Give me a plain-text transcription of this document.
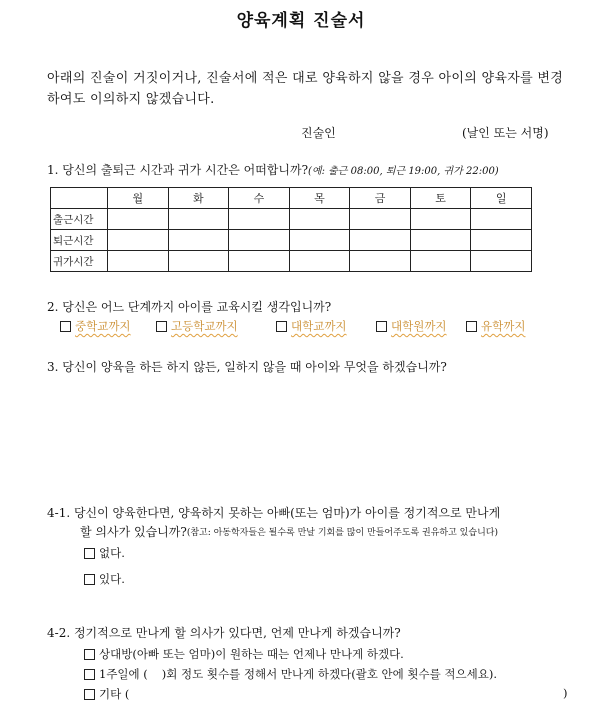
양육계획 진술서
아래의 진술이 거짓이거나, 진술서에 적은 대로 양육하지 않을 경우 아이의 양육자를 변경하여도 이의하지 않겠습니다.
진술인	(날인 또는 서명)
1. 당신의 출퇴근 시간과 귀가 시간은 어떠합니까? (예: 출근 08:00, 퇴근 19:00, 귀가 22:00)
	월	화	수	목	금	토	일
출근시간							
퇴근시간							
귀가시간							
2. 당신은 어느 단계까지 아이를 교육시킬 생각입니까?
중학교까지	고등학교까지	대학교까지	대학원까지	유학까지
3. 당신이 양육을 하든 하지 않든, 일하지 않을 때 아이와 무엇을 하겠습니까?
4-1. 당신이 양육한다면, 양육하지 못하는 아빠(또는 엄마)가 아이를 정기적으로 만나게
할 의사가 있습니까? (참고: 아동학자들은 될수록 만날 기회를 많이 만들어주도록 권유하고 있습니다)
없다.
있다.
4-2. 정기적으로 만나게 할 의사가 있다면, 언제 만나게 하겠습니까?
상대방(아빠 또는 엄마)이 원하는 때는 언제나 만나게 하겠다.
1주일에 ( )회 정도 횟수를 정해서 만나게 하겠다(괄호 안에 횟수를 적으세요).
기타 (	)
